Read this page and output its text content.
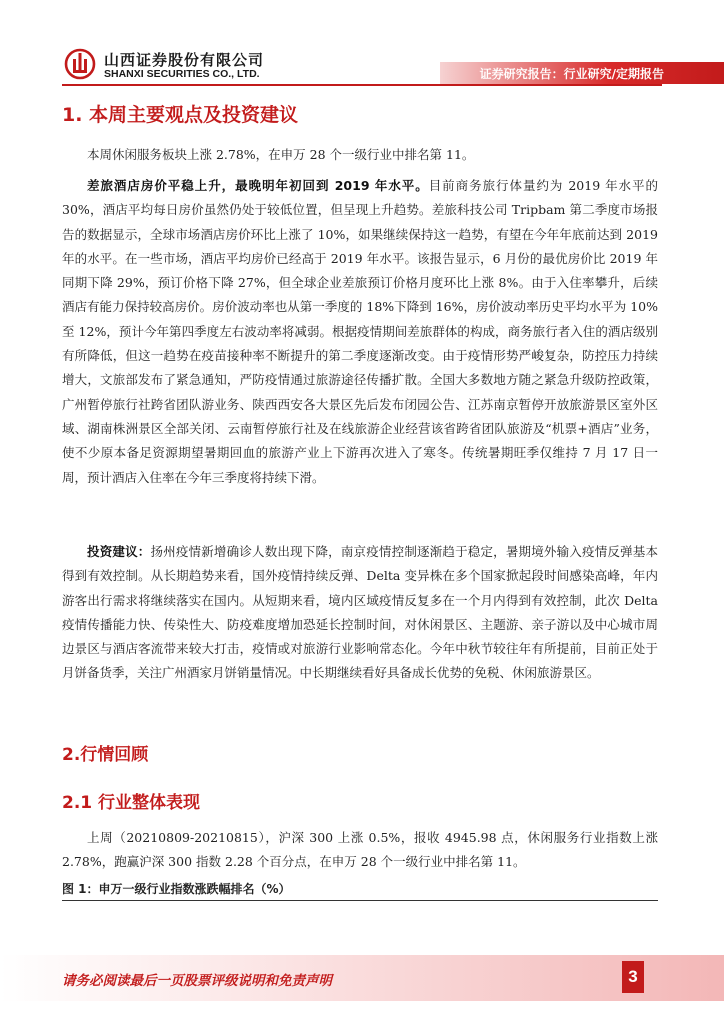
山西证券股份有限公司
SHANXI SECURITIES CO., LTD.	证券研究报告：行业研究/定期报告
1. 本周主要观点及投资建议

本周休闲服务板块上涨 2.78%，在申万 28 个一级行业中排名第 11。

差旅酒店房价平稳上升，最晚明年初回到 2019 年水平。目前商务旅行体量约为 2019 年水平的 30%，酒店平均每日房价虽然仍处于较低位置，但呈现上升趋势。差旅科技公司 Tripbam 第二季度市场报告的数据显示，全球市场酒店房价环比上涨了 10%，如果继续保持这一趋势，有望在今年年底前达到 2019 年的水平。在一些市场，酒店平均房价已经高于 2019 年水平。该报告显示，6 月份的最优房价比 2019 年同期下降 29%，预订价格下降 27%，但全球企业差旅预订价格月度环比上涨 8%。由于入住率攀升，后续酒店有能力保持较高房价。房价波动率也从第一季度的 18%下降到 16%，房价波动率历史平均水平为 10%至 12%，预计今年第四季度左右波动率将减弱。根据疫情期间差旅群体的构成，商务旅行者入住的酒店级别有所降低，但这一趋势在疫苗接种率不断提升的第二季度逐渐改变。由于疫情形势严峻复杂，防控压力持续增大，文旅部发布了紧急通知，严防疫情通过旅游途径传播扩散。全国大多数地方随之紧急升级防控政策，广州暂停旅行社跨省团队游业务、陕西西安各大景区先后发布闭园公告、江苏南京暂停开放旅游景区室外区域、湖南株洲景区全部关闭、云南暂停旅行社及在线旅游企业经营该省跨省团队旅游及“机票+酒店”业务，使不少原本备足资源期望暑期回血的旅游产业上下游再次进入了寒冬。传统暑期旺季仅维持 7 月 17 日一周，预计酒店入住率在今年三季度将持续下滑。

投资建议：扬州疫情新增确诊人数出现下降，南京疫情控制逐渐趋于稳定，暑期境外输入疫情反弹基本得到有效控制。从长期趋势来看，国外疫情持续反弹、Delta 变异株在多个国家掀起段时间感染高峰，年内游客出行需求将继续落实在国内。从短期来看，境内区域疫情反复多在一个月内得到有效控制，此次 Delta 疫情传播能力快、传染性大、防疫难度增加恐延长控制时间，对休闲景区、主题游、亲子游以及中心城市周边景区与酒店客流带来较大打击，疫情或对旅游行业影响常态化。今年中秋节较往年有所提前，目前正处于月饼备货季，关注广州酒家月饼销量情况。中长期继续看好具备成长优势的免税、休闲旅游景区。

2.行情回顾
2.1 行业整体表现

上周（20210809-20210815），沪深 300 上涨 0.5%，报收 4945.98 点，休闲服务行业指数上涨 2.78%，跑赢沪深 300 指数 2.28 个百分点，在申万 28 个一级行业中排名第 11。

图 1：申万一级行业指数涨跌幅排名（%）
请务必阅读最后一页股票评级说明和免责声明	3
